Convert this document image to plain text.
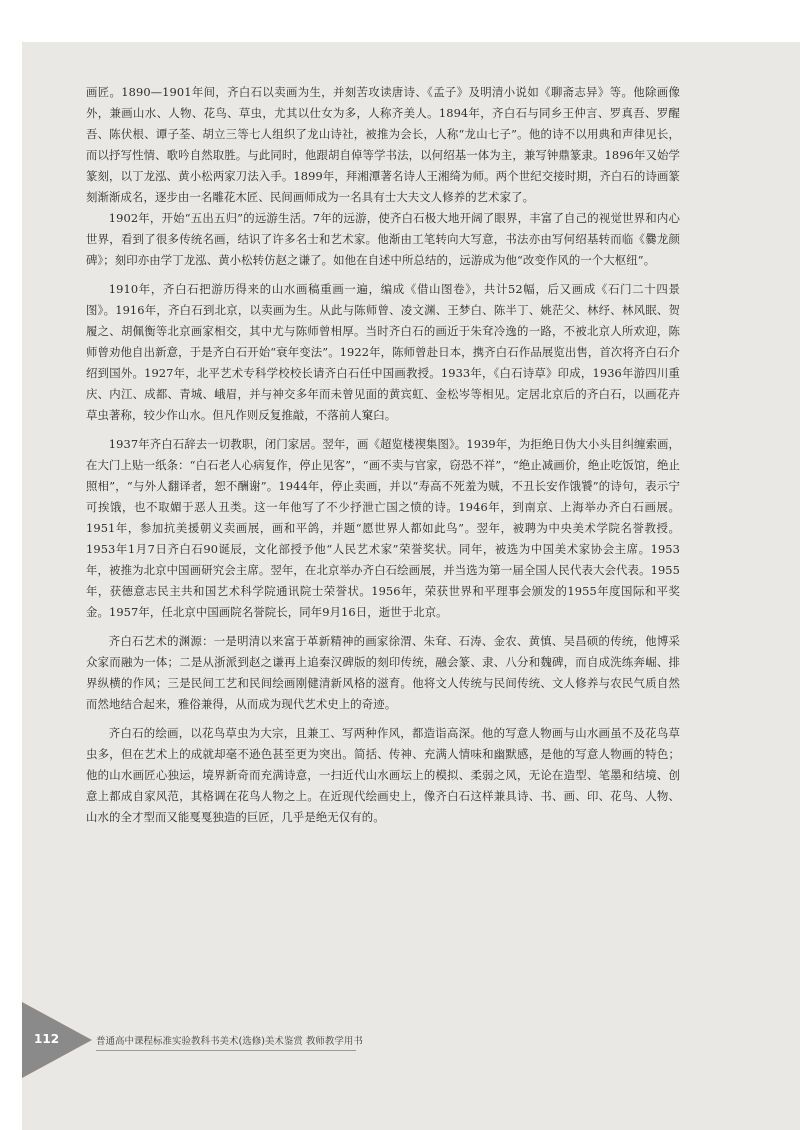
画匠。1890—1901年间，齐白石以卖画为生，并刻苦攻读唐诗、《孟子》及明清小说如《聊斋志异》等。他除画像外，兼画山水、人物、花鸟、草虫，尤其以仕女为多，人称齐美人。1894年，齐白石与同乡王仲言、罗真吾、罗醒吾、陈伏根、谭子荃、胡立三等七人组织了龙山诗社，被推为会长，人称“龙山七子”。他的诗不以用典和声律见长，而以抒写性情、歌吟自然取胜。与此同时，他跟胡自倬等学书法，以何绍基一体为主，兼写钟鼎篆隶。1896年又始学篆刻，以丁龙泓、黄小松两家刀法入手。1899年，拜湘潭著名诗人王湘绮为师。两个世纪交接时期，齐白石的诗画篆刻渐渐成名，逐步由一名雕花木匠、民间画师成为一名具有士大夫文人修养的艺术家了。

1902年，开始“五出五归”的远游生活。7年的远游，使齐白石极大地开阔了眼界，丰富了自己的视觉世界和内心世界，看到了很多传统名画，结识了许多名士和艺术家。他渐由工笔转向大写意，书法亦由写何绍基转而临《爨龙颜碑》；刻印亦由学丁龙泓、黄小松转仿赵之谦了。如他在自述中所总结的，远游成为他“改变作风的一个大枢纽”。

1910年，齐白石把游历得来的山水画稿重画一遍，编成《借山图卷》，共计52幅，后又画成《石门二十四景图》。1916年，齐白石到北京，以卖画为生。从此与陈师曾、凌文渊、王梦白、陈半丁、姚茫父、林纾、林风眠、贺履之、胡佩衡等北京画家相交，其中尤与陈师曾相厚。当时齐白石的画近于朱耷冷逸的一路，不被北京人所欢迎，陈师曾劝他自出新意，于是齐白石开始“衰年变法”。1922年，陈师曾赴日本，携齐白石作品展览出售，首次将齐白石介绍到国外。1927年，北平艺术专科学校校长请齐白石任中国画教授。1933年，《白石诗草》印成，1936年游四川重庆、内江、成都、青城、峨眉，并与神交多年而未曾见面的黄宾虹、金松岑等相见。定居北京后的齐白石，以画花卉草虫著称，较少作山水。但凡作则反复推敲，不落前人窠臼。

1937年齐白石辞去一切教职，闭门家居。翌年，画《超览楼禊集图》。1939年，为拒绝日伪大小头目纠缠索画，在大门上贴一纸条：“白石老人心病复作，停止见客”，“画不卖与官家，窃恐不祥”，“绝止减画价，绝止吃饭馆，绝止照相”，“与外人翻译者，恕不酬谢”。1944年，停止卖画，并以“寿高不死羞为贼，不丑长安作饿饕”的诗句，表示宁可挨饿，也不取媚于恶人丑类。这一年他写了不少抒泄亡国之愤的诗。1946年，到南京、上海举办齐白石画展。1951年，参加抗美援朝义卖画展，画和平鸽，并题“愿世界人都如此鸟”。翌年，被聘为中央美术学院名誉教授。1953年1月7日齐白石90诞辰，文化部授予他“人民艺术家”荣誉奖状。同年，被选为中国美术家协会主席。1953年，被推为北京中国画研究会主席。翌年，在北京举办齐白石绘画展，并当选为第一届全国人民代表大会代表。1955年，获德意志民主共和国艺术科学院通讯院士荣誉状。1956年，荣获世界和平理事会颁发的1955年度国际和平奖金。1957年，任北京中国画院名誉院长，同年9月16日，逝世于北京。

齐白石艺术的渊源：一是明清以来富于革新精神的画家徐渭、朱耷、石涛、金农、黄慎、吴昌硕的传统，他博采众家而融为一体；二是从浙派到赵之谦再上追秦汉碑版的刻印传统，融会篆、隶、八分和魏碑，而自成洗练奔崛、排界纵横的作风；三是民间工艺和民间绘画刚健清新风格的滋育。他将文人传统与民间传统、文人修养与农民气质自然而然地结合起来，雅俗兼得，从而成为现代艺术史上的奇迹。

齐白石的绘画，以花鸟草虫为大宗，且兼工、写两种作风，都造诣高深。他的写意人物画与山水画虽不及花鸟草虫多，但在艺术上的成就却毫不逊色甚至更为突出。简括、传神、充满人情味和幽默感，是他的写意人物画的特色；他的山水画匠心独运，境界新奇而充满诗意，一扫近代山水画坛上的模拟、柔弱之风，无论在造型、笔墨和结境、创意上都成自家风范，其格调在花鸟人物之上。在近现代绘画史上，像齐白石这样兼具诗、书、画、印、花鸟、人物、山水的全才型而又能戛戛独造的巨匠，几乎是绝无仅有的。

112	普通高中课程标准实验教科书美术(选修)美术鉴赏 教师教学用书
